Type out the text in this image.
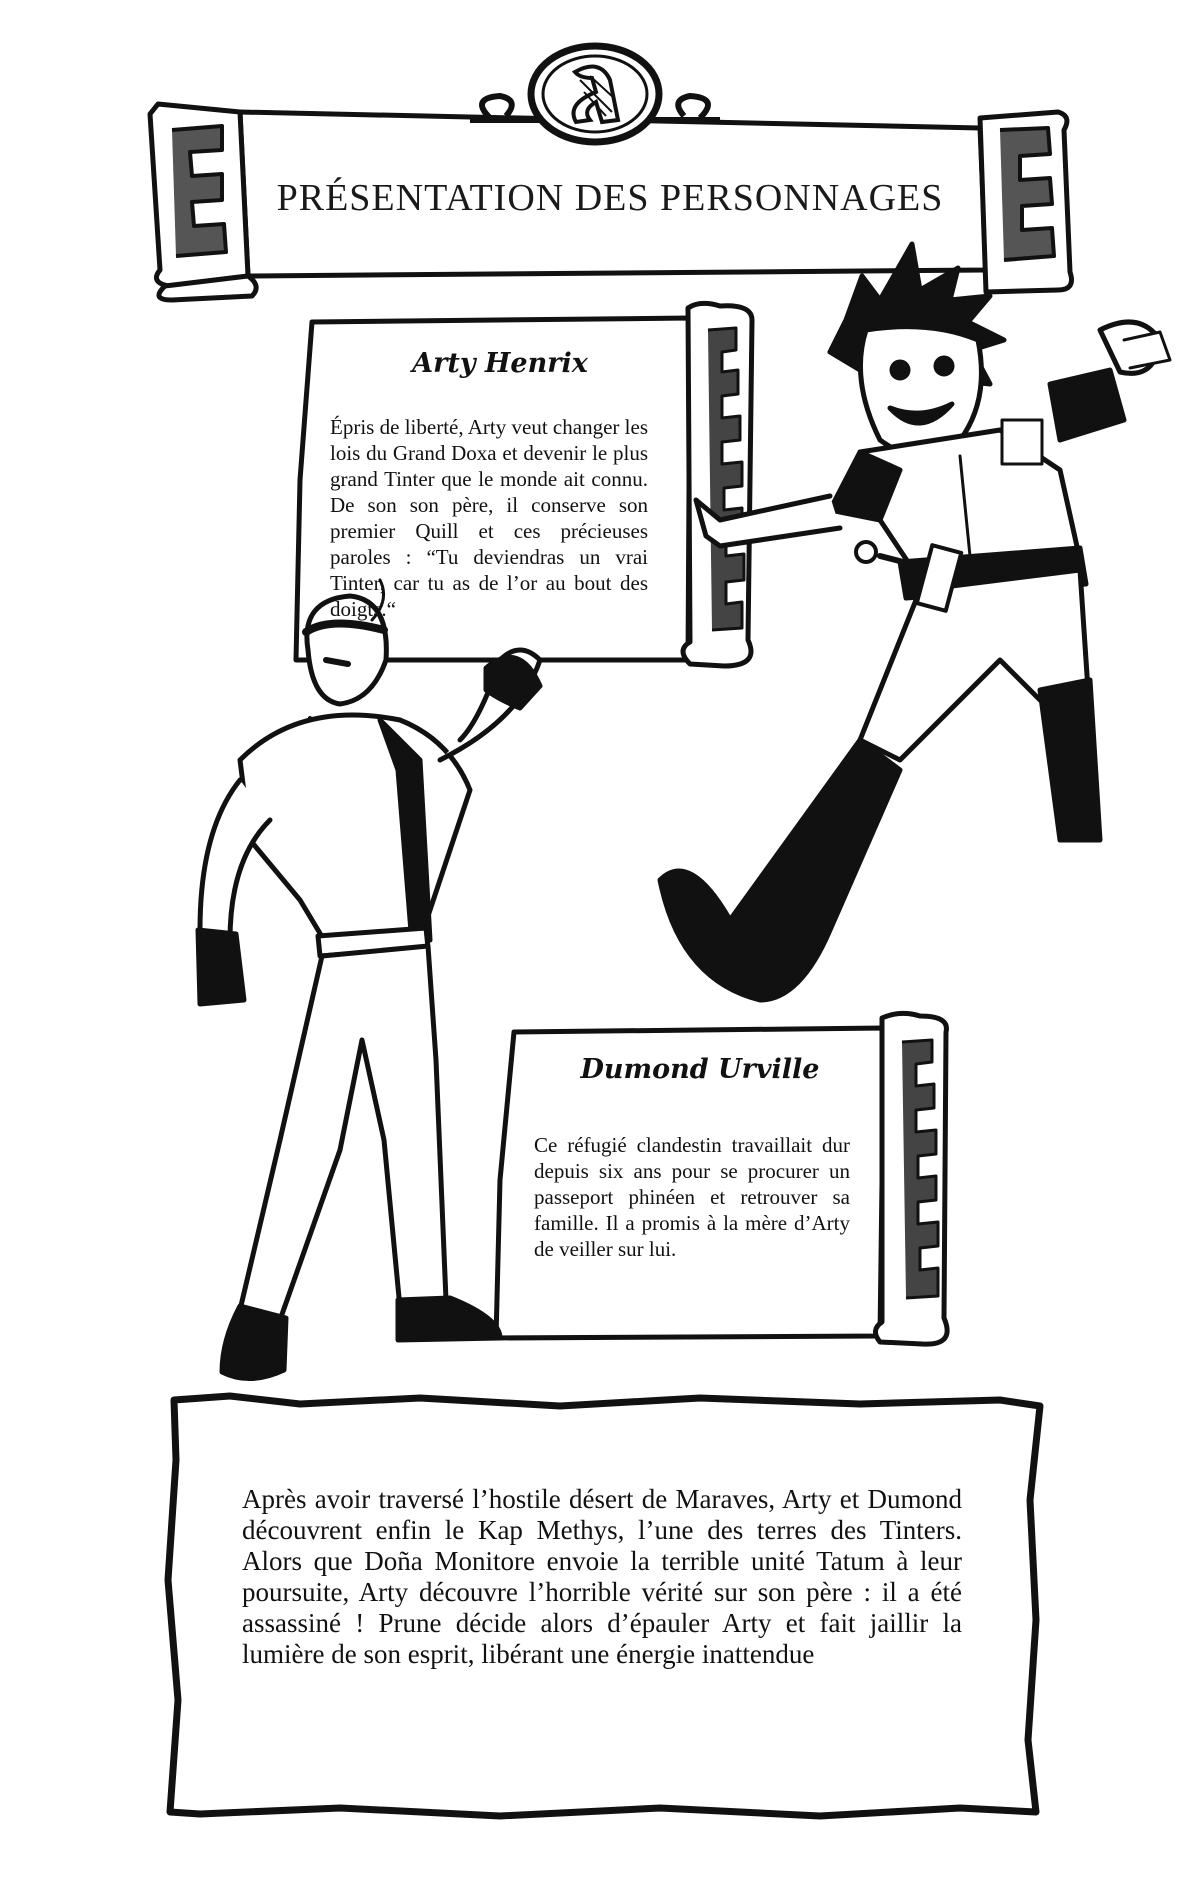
PRÉSENTATION DES PERSONNAGES
Arty Henrix
Épris de liberté, Arty veut changer les lois du Grand Doxa et devenir le plus grand Tinter que le monde ait connu. De son son père, il conserve son premier Quill et ces précieuses paroles : “Tu deviendras un vrai Tinter, car tu as de l’or au bout des doigts.“
Dumond Urville
Ce réfugié clandestin travaillait dur depuis six ans pour se procurer un passeport phinéen et retrouver sa famille. Il a promis à la mère d’Arty de veiller sur lui.
Après avoir traversé l’hostile désert de Maraves, Arty et Dumond découvrent enfin le Kap Methys, l’une des terres des Tinters. Alors que Doña Monitore envoie la terrible unité Tatum à leur poursuite, Arty découvre l’horrible vérité sur son père : il a été assassiné ! Prune décide alors d’épauler Arty et fait jaillir la lumière de son esprit, libérant une énergie inattendue
